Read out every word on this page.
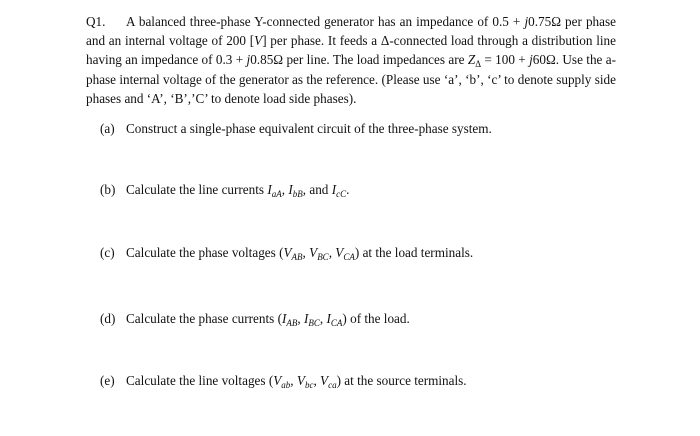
Q1. A balanced three-phase Y-connected generator has an impedance of 0.5 + j0.75Ω per phase and an internal voltage of 200 [V] per phase. It feeds a Δ-connected load through a distribution line having an impedance of 0.3 + j0.85Ω per line. The load impedances are $Z_\Delta = 100 + j60\Omega$. Use the a-phase internal voltage of the generator as the reference. (Please use ‘a’, ‘b’, ‘c’ to denote supply side phases and ‘A’, ‘B’,’C’ to denote load side phases).
(a) Construct a single-phase equivalent circuit of the three-phase system.
(b) Calculate the line currents $I_{aA}$, $I_{bB}$, and $I_{cC}$.
(c) Calculate the phase voltages ($V_{AB}$, $V_{BC}$, $V_{CA}$) at the load terminals.
(d) Calculate the phase currents ($I_{AB}$, $I_{BC}$, $I_{CA}$) of the load.
(e) Calculate the line voltages ($V_{ab}$, $V_{bc}$, $V_{ca}$) at the source terminals.
